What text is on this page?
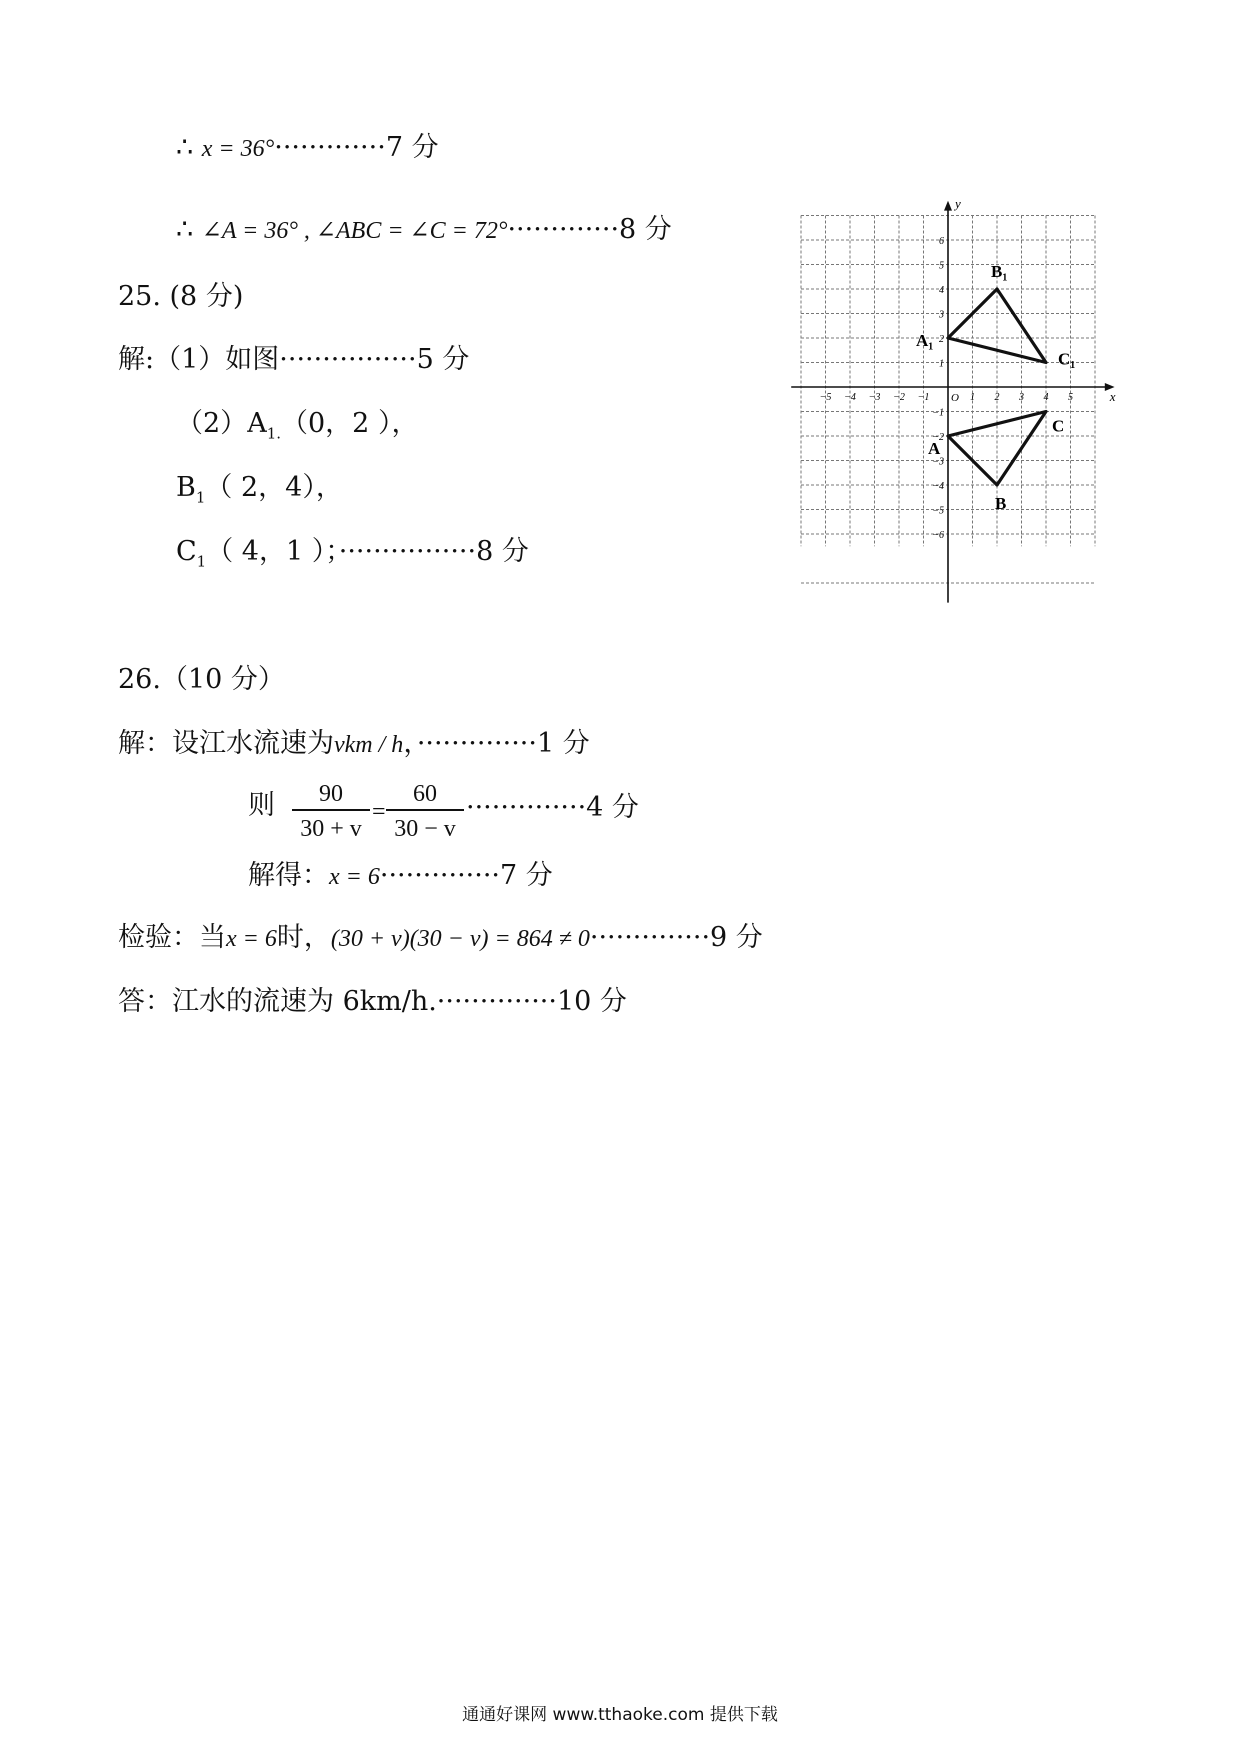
∴ x = 36°·············7 分
∴ ∠A = 36° , ∠ABC = ∠C = 72°·············8 分
25. (8 分)
解:（1）如图················5 分
$(2)A_{1.}(0$，2 ），
$B_1$（ 2，4），
$C_1$（ 4，1 ）；················8 分
x
y
O
−5 −4 −3 −2 −1	1 2 3 4 5
6
5
4
3
2
1
−1
−2
−3
−4
−5
−6
A
B
C
A₁
B₁
C₁
26.（10 分）
解：设江水流速为vkm / h，··············1 分
则	90
30 + v
=
60
30 − v
··············4 分
解得：x = 6··············7 分
检验：当x = 6时，(30 + v)(30 − v) = 864 ≠ 0··············9 分
答：江水的流速为 6km/h.··············10 分
通通好课网 www.tthaoke.com 提供下载
